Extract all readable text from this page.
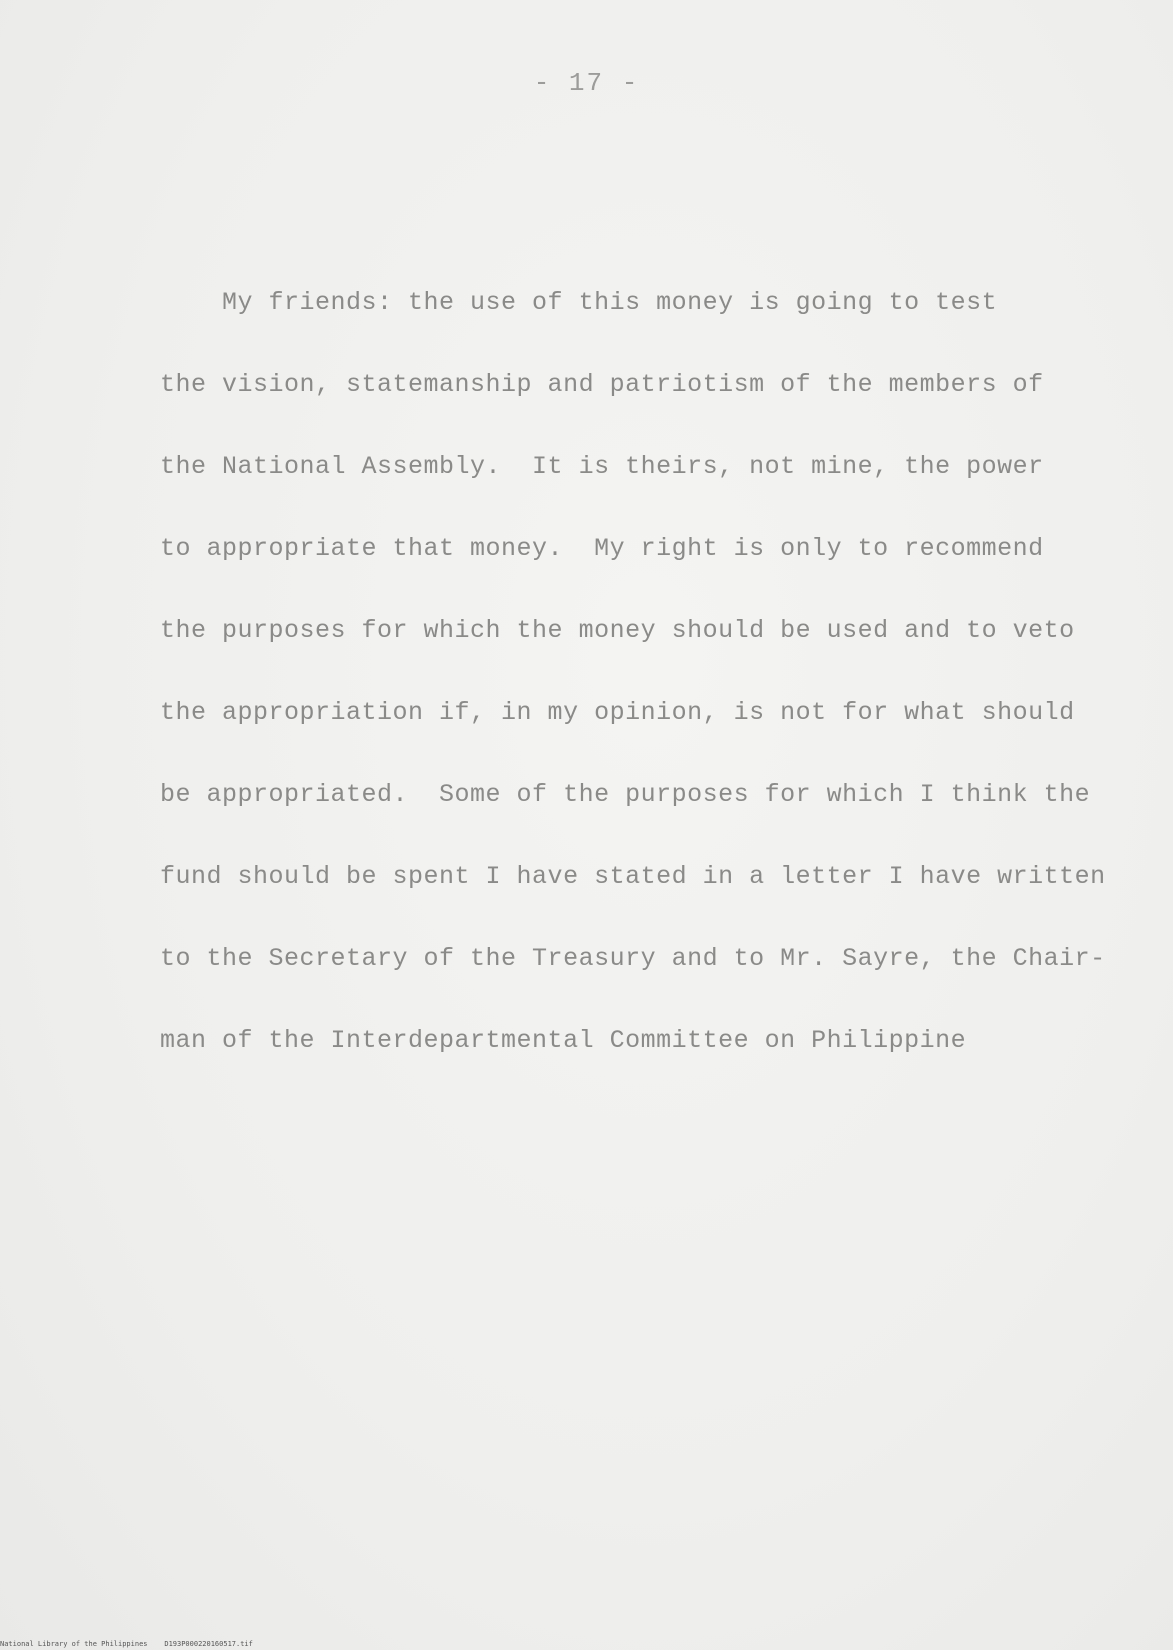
- 17 -
My friends: the use of this money is going to test
the vision, statemanship and patriotism of the members of
the National Assembly.  It is theirs, not mine, the power
to appropriate that money.  My right is only to recommend
the purposes for which the money should be used and to veto
the appropriation if, in my opinion, is not for what should
be appropriated.  Some of the purposes for which I think the
fund should be spent I have stated in a letter I have written
to the Secretary of the Treasury and to Mr. Sayre, the Chair-
man of the Interdepartmental Committee on Philippine
National Library of the Philippines    D193P000220160517.tif
